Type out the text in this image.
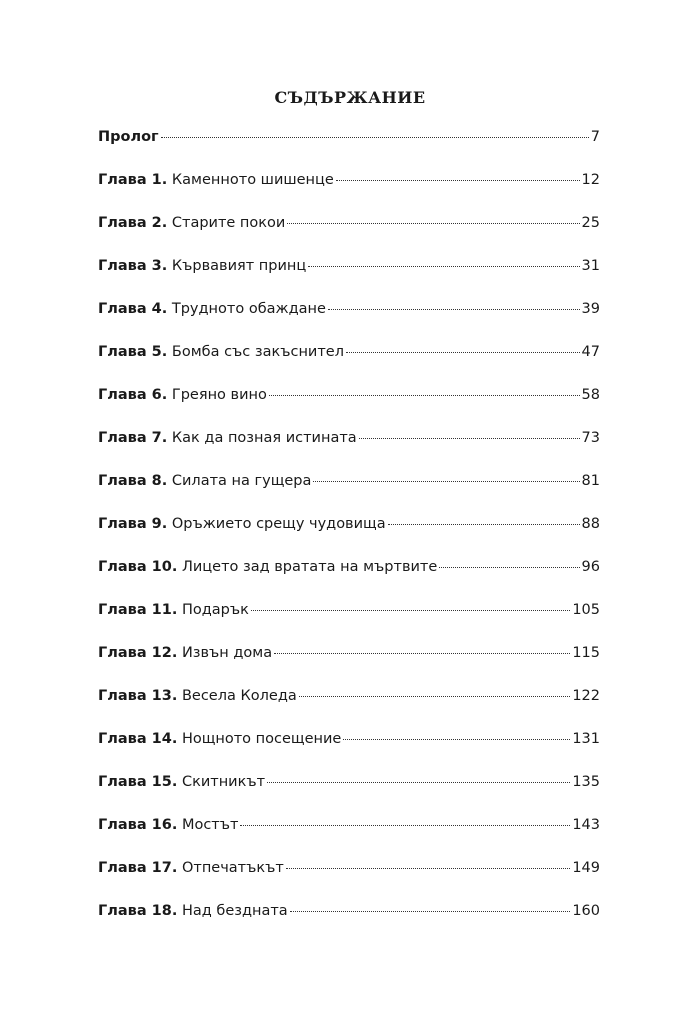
СЪДЪРЖАНИЕ
Пролог	7
Глава 1. Каменното шишенце	12
Глава 2. Старите покои	25
Глава 3. Кървавият принц	31
Глава 4. Трудното обаждане	39
Глава 5. Бомба със закъснител	47
Глава 6. Греяно вино	58
Глава 7. Как да позная истината	73
Глава 8. Силата на гущера	81
Глава 9. Оръжието срещу чудовища	88
Глава 10. Лицето зад вратата на мъртвите	96
Глава 11. Подарък	105
Глава 12. Извън дома	115
Глава 13. Весела Коледа	122
Глава 14. Нощното посещение	131
Глава 15. Скитникът	135
Глава 16. Мостът	143
Глава 17. Отпечатъкът	149
Глава 18. Над бездната	160
